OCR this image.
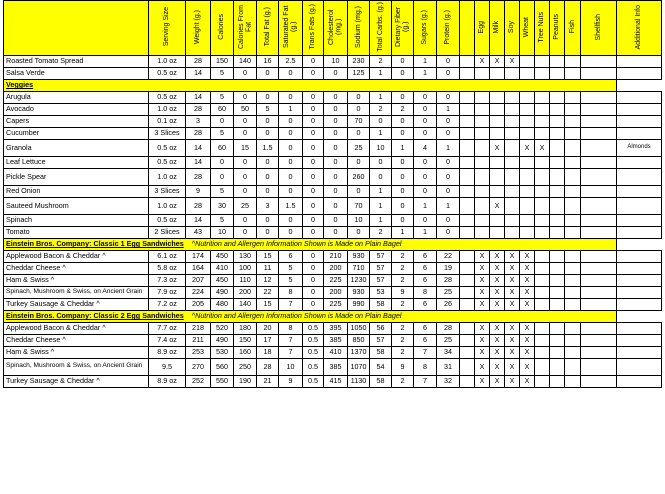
	Serving Size	Weight (g.)	Calories	Calories From Fat	Total Fat (g.)	Saturated Fat (g.)	Trans Fats (g.)	Cholesterol (mg.)	Sodium (mg.)	Total Carbs. (g.)	Dietary Fiber (g.)	Sugars (g.)	Protein (g.)		Egg	Milk	Soy	Wheat	Tree Nuts	Peanuts	Fish	Shellfish	Additional Info
Roasted Tomato Spread	1.0 oz	28	150	140	16	2.5	0	10	230	2	0	1	0		X	X	X						
Salsa Verde	0.5 oz	14	5	0	0	0	0	0	125	1	0	1	0										
Veggies																							
Arugula	0.5 oz	14	5	0	0	0	0	0	0	1	0	0	0										
Avocado	1.0 oz	28	60	50	5	1	0	0	0	2	2	0	1										
Capers	0.1 oz	3	0	0	0	0	0	0	70	0	0	0	0										
Cucumber	3 Slices	28	5	0	0	0	0	0	0	1	0	0	0										
Granola	0.5 oz	14	60	15	1.5	0	0	0	25	10	1	4	1			X		X	X				Almonds
Leaf Lettuce	0.5 oz	14	0	0	0	0	0	0	0	0	0	0	0										
Pickle Spear	1.0 oz	28	0	0	0	0	0	0	260	0	0	0	0										
Red Onion	3 Slices	9	5	0	0	0	0	0	0	1	0	0	0										
Sauteed Mushroom	1.0 oz	28	30	25	3	1.5	0	0	70	1	0	1	1			X							
Spinach	0.5 oz	14	5	0	0	0	0	0	10	1	0	0	0										
Tomato	2 Slices	43	10	0	0	0	0	0	0	2	1	1	0										
Einstein Bros. Company: Classic 1 Egg Sandwiches ^Nutrition and Allergen Information Shown is Made on Plain Bagel																							
Applewood Bacon & Cheddar ^	6.1 oz	174	450	130	15	6	0	210	930	57	2	6	22		X	X	X	X					
Cheddar Cheese ^	5.8 oz	164	410	100	11	5	0	200	710	57	2	6	19		X	X	X	X					
Ham & Swiss ^	7.3 oz	207	450	110	12	5	0	225	1230	57	2	6	28		X	X	X	X					
Spinach, Mushroom & Swiss, on Ancient Grain	7.9 oz	224	490	200	22	8	0	200	930	53	9	8	25		X	X	X	X					
Turkey Sausage & Cheddar ^	7.2 oz	205	480	140	15	7	0	225	990	58	2	6	26		X	X	X	X					
Einstein Bros. Company: Classic 2 Egg Sandwiches ^Nutrition and Allergen Information Shown is Made on Plain Bagel																							
Applewood Bacon & Cheddar ^	7.7 oz	218	520	180	20	8	0.5	395	1050	56	2	6	28		X	X	X	X					
Cheddar Cheese ^	7.4 oz	211	490	150	17	7	0.5	385	850	57	2	6	25		X	X	X	X					
Ham & Swiss ^	8.9 oz	253	530	160	18	7	0.5	410	1370	58	2	7	34		X	X	X	X					
Spinach, Mushroom & Swiss, on Ancient Grain	9.5	270	560	250	28	10	0.5	385	1070	54	9	8	31		X	X	X	X					
Turkey Sausage & Cheddar ^	8.9 oz	252	550	190	21	9	0.5	415	1130	58	2	7	32		X	X	X	X					
